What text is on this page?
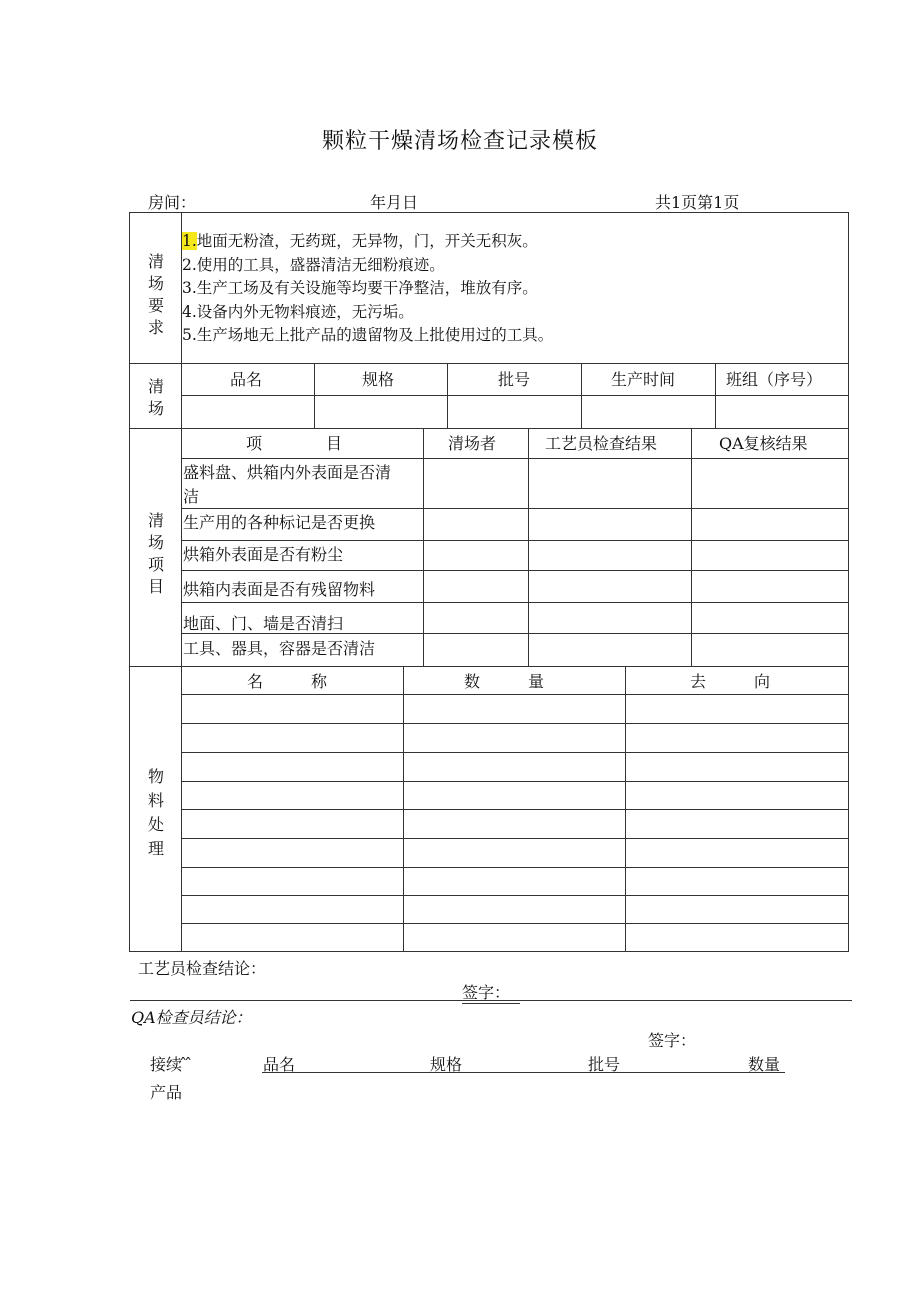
颗粒干燥清场检查记录模板
房间：	年月日	共1页第1页
清
场
要
求
1.地面无粉渣，无药斑，无异物，门，开关无积灰。
2.使用的工具，盛器清洁无细粉痕迹。
3.生产工场及有关设施等均要干净整洁，堆放有序。
4.设备内外无物料痕迹，无污垢。
5.生产场地无上批产品的遗留物及上批使用过的工具。
清
场
品名	规格	批号	生产时间	班组（序号）
清
场
项
目
项　　　　目	清场者	工艺员检查结果	QA复核结果
盛料盘、烘箱内外表面是否清
洁
生产用的各种标记是否更换
烘箱外表面是否有粉尘
烘箱内表面是否有残留物料
地面、门、墙是否清扫
工具、器具，容器是否清洁
物
料
处
理
名　　　称	数　　　量	去　　　向
工艺员检查结论：
签字：
QA检查员结论：
签字：
接续 ̂ ̂	品名	规格	批号	数量
产品
